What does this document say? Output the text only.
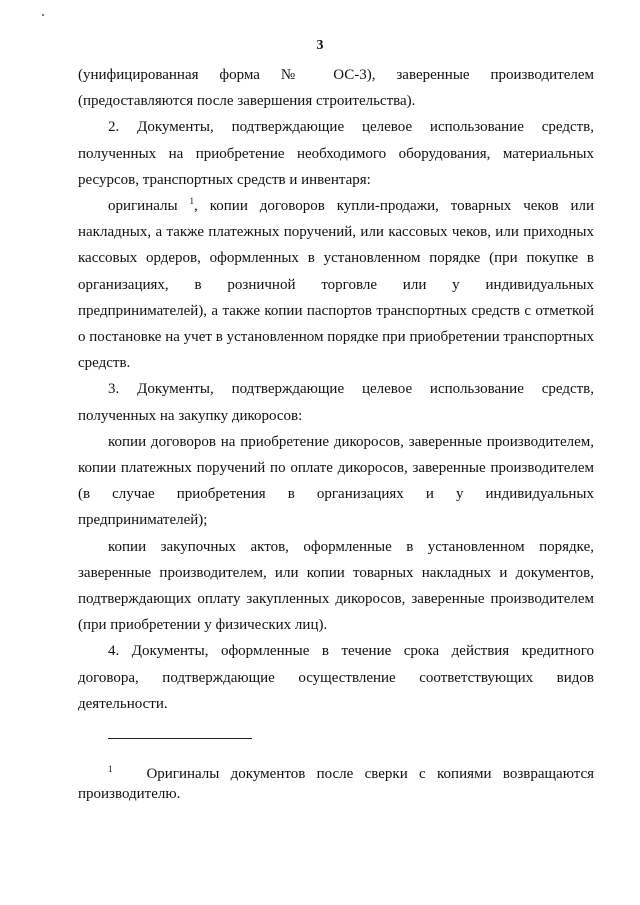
3

(унифицированная форма № ОС-3), заверенные производителем (предоставляются после завершения строительства).

2. Документы, подтверждающие целевое использование средств, полученных на приобретение необходимого оборудования, материальных ресурсов, транспортных средств и инвентаря:

оригиналы $^1$, копии договоров купли-продажи, товарных чеков или накладных, а также платежных поручений, или кассовых чеков, или приходных кассовых ордеров, оформленных в установленном порядке (при покупке в организациях, в розничной торговле или у индивидуальных предпринимателей), а также копии паспортов транспортных средств с отметкой о постановке на учет в установленном порядке при приобретении транспортных средств.

3. Документы, подтверждающие целевое использование средств, полученных на закупку дикоросов:

копии договоров на приобретение дикоросов, заверенные производителем, копии платежных поручений по оплате дикоросов, заверенные производителем (в случае приобретения в организациях и у индивидуальных предпринимателей);

копии закупочных актов, оформленные в установленном порядке, заверенные производителем, или копии товарных накладных и документов, подтверждающих оплату закупленных дикоросов, заверенные производителем (при приобретении у физических лиц).

4. Документы, оформленные в течение срока действия кредитного договора, подтверждающие осуществление соответствующих видов деятельности.

$^1$ Оригиналы документов после сверки с копиями возвращаются производителю.
